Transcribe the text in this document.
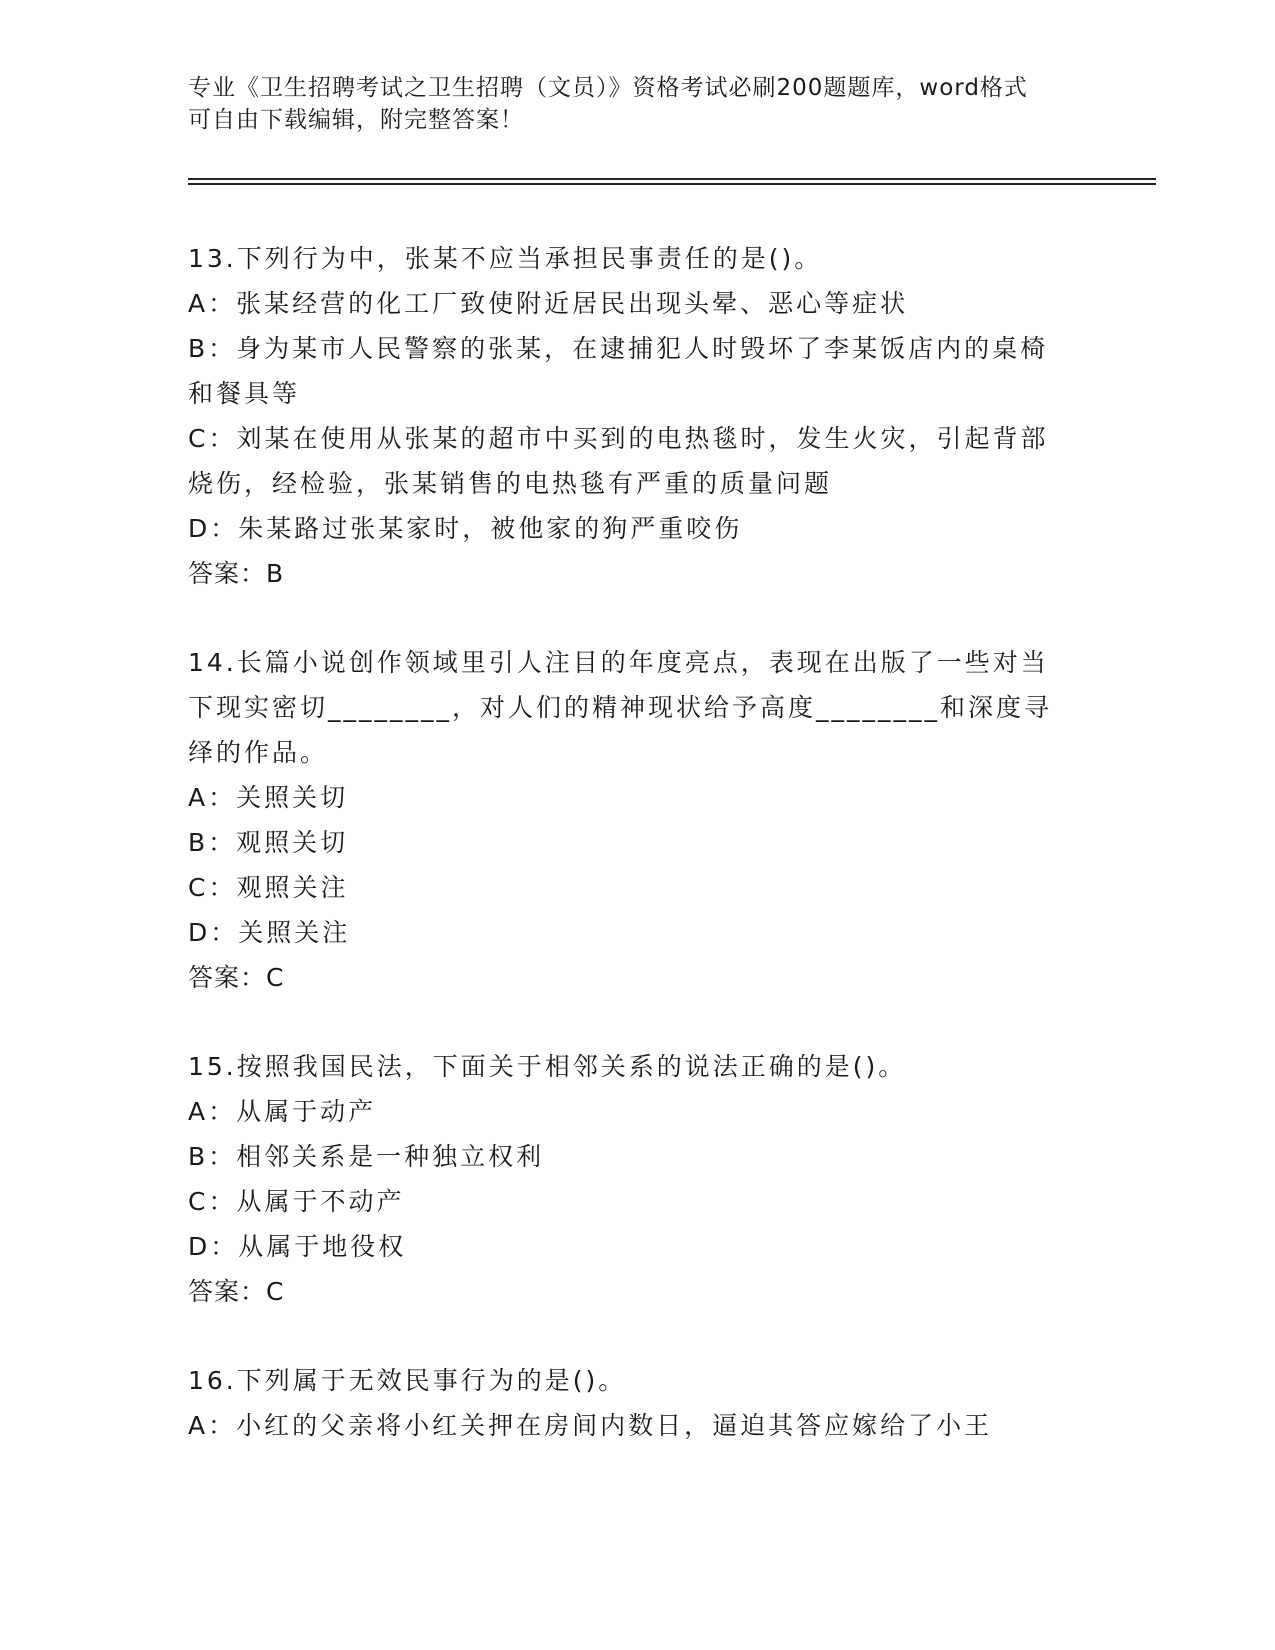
专业《卫生招聘考试之卫生招聘（文员）》资格考试必刷200题题库，word格式
可自由下载编辑，附完整答案！
13.下列行为中，张某不应当承担民事责任的是()。
A：张某经营的化工厂致使附近居民出现头晕、恶心等症状
B：身为某市人民警察的张某，在逮捕犯人时毁坏了李某饭店内的桌椅
和餐具等
C：刘某在使用从张某的超市中买到的电热毯时，发生火灾，引起背部
烧伤，经检验，张某销售的电热毯有严重的质量问题
D：朱某路过张某家时，被他家的狗严重咬伤
答案：B
14.长篇小说创作领域里引人注目的年度亮点，表现在出版了一些对当
下现实密切________，对人们的精神现状给予高度________和深度寻
绎的作品。
A：关照关切
B：观照关切
C：观照关注
D：关照关注
答案：C
15.按照我国民法，下面关于相邻关系的说法正确的是()。
A：从属于动产
B：相邻关系是一种独立权利
C：从属于不动产
D：从属于地役权
答案：C
16.下列属于无效民事行为的是()。
A：小红的父亲将小红关押在房间内数日，逼迫其答应嫁给了小王
